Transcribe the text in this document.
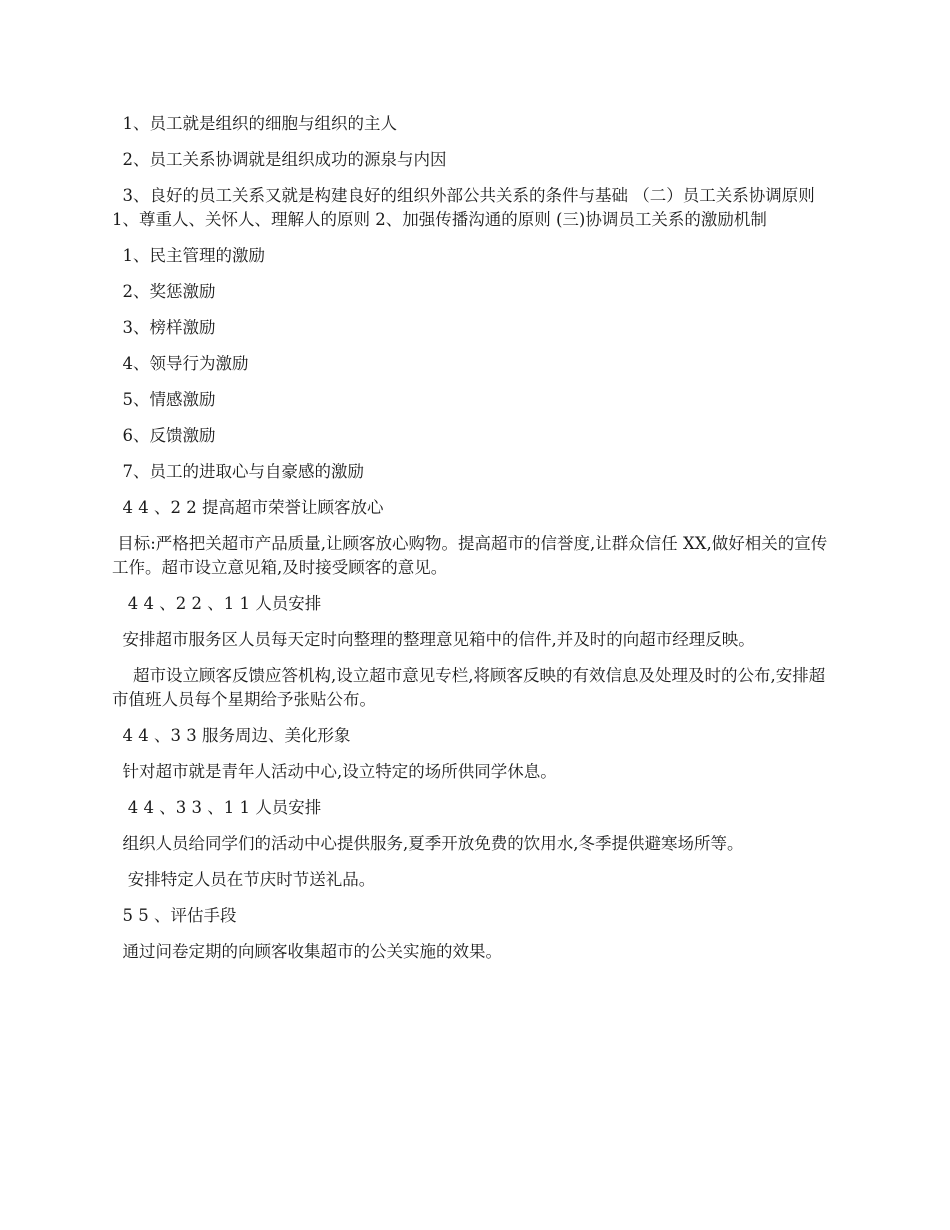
1、员工就是组织的细胞与组织的主人

2、员工关系协调就是组织成功的源泉与内因

3、良好的员工关系又就是构建良好的组织外部公共关系的条件与基础 （二）员工关系协调原则 1、尊重人、关怀人、理解人的原则 2、加强传播沟通的原则 (三)协调员工关系的激励机制

1、民主管理的激励

2、奖惩激励

3、榜样激励

4、领导行为激励

5、情感激励

6、反馈激励

7、员工的进取心与自豪感的激励

4 4 、2 2 提高超市荣誉让顾客放心

目标:严格把关超市产品质量,让顾客放心购物。提高超市的信誉度,让群众信任 XX,做好相关的宣传工作。超市设立意见箱,及时接受顾客的意见。

4 4 、2 2 、1 1 人员安排

安排超市服务区人员每天定时向整理的整理意见箱中的信件,并及时的向超市经理反映。

超市设立顾客反馈应答机构,设立超市意见专栏,将顾客反映的有效信息及处理及时的公布,安排超市值班人员每个星期给予张贴公布。

4 4 、3 3 服务周边、美化形象

针对超市就是青年人活动中心,设立特定的场所供同学休息。

4 4 、3 3 、1 1 人员安排

组织人员给同学们的活动中心提供服务,夏季开放免费的饮用水,冬季提供避寒场所等。

安排特定人员在节庆时节送礼品。

5 5 、评估手段

通过问卷定期的向顾客收集超市的公关实施的效果。
